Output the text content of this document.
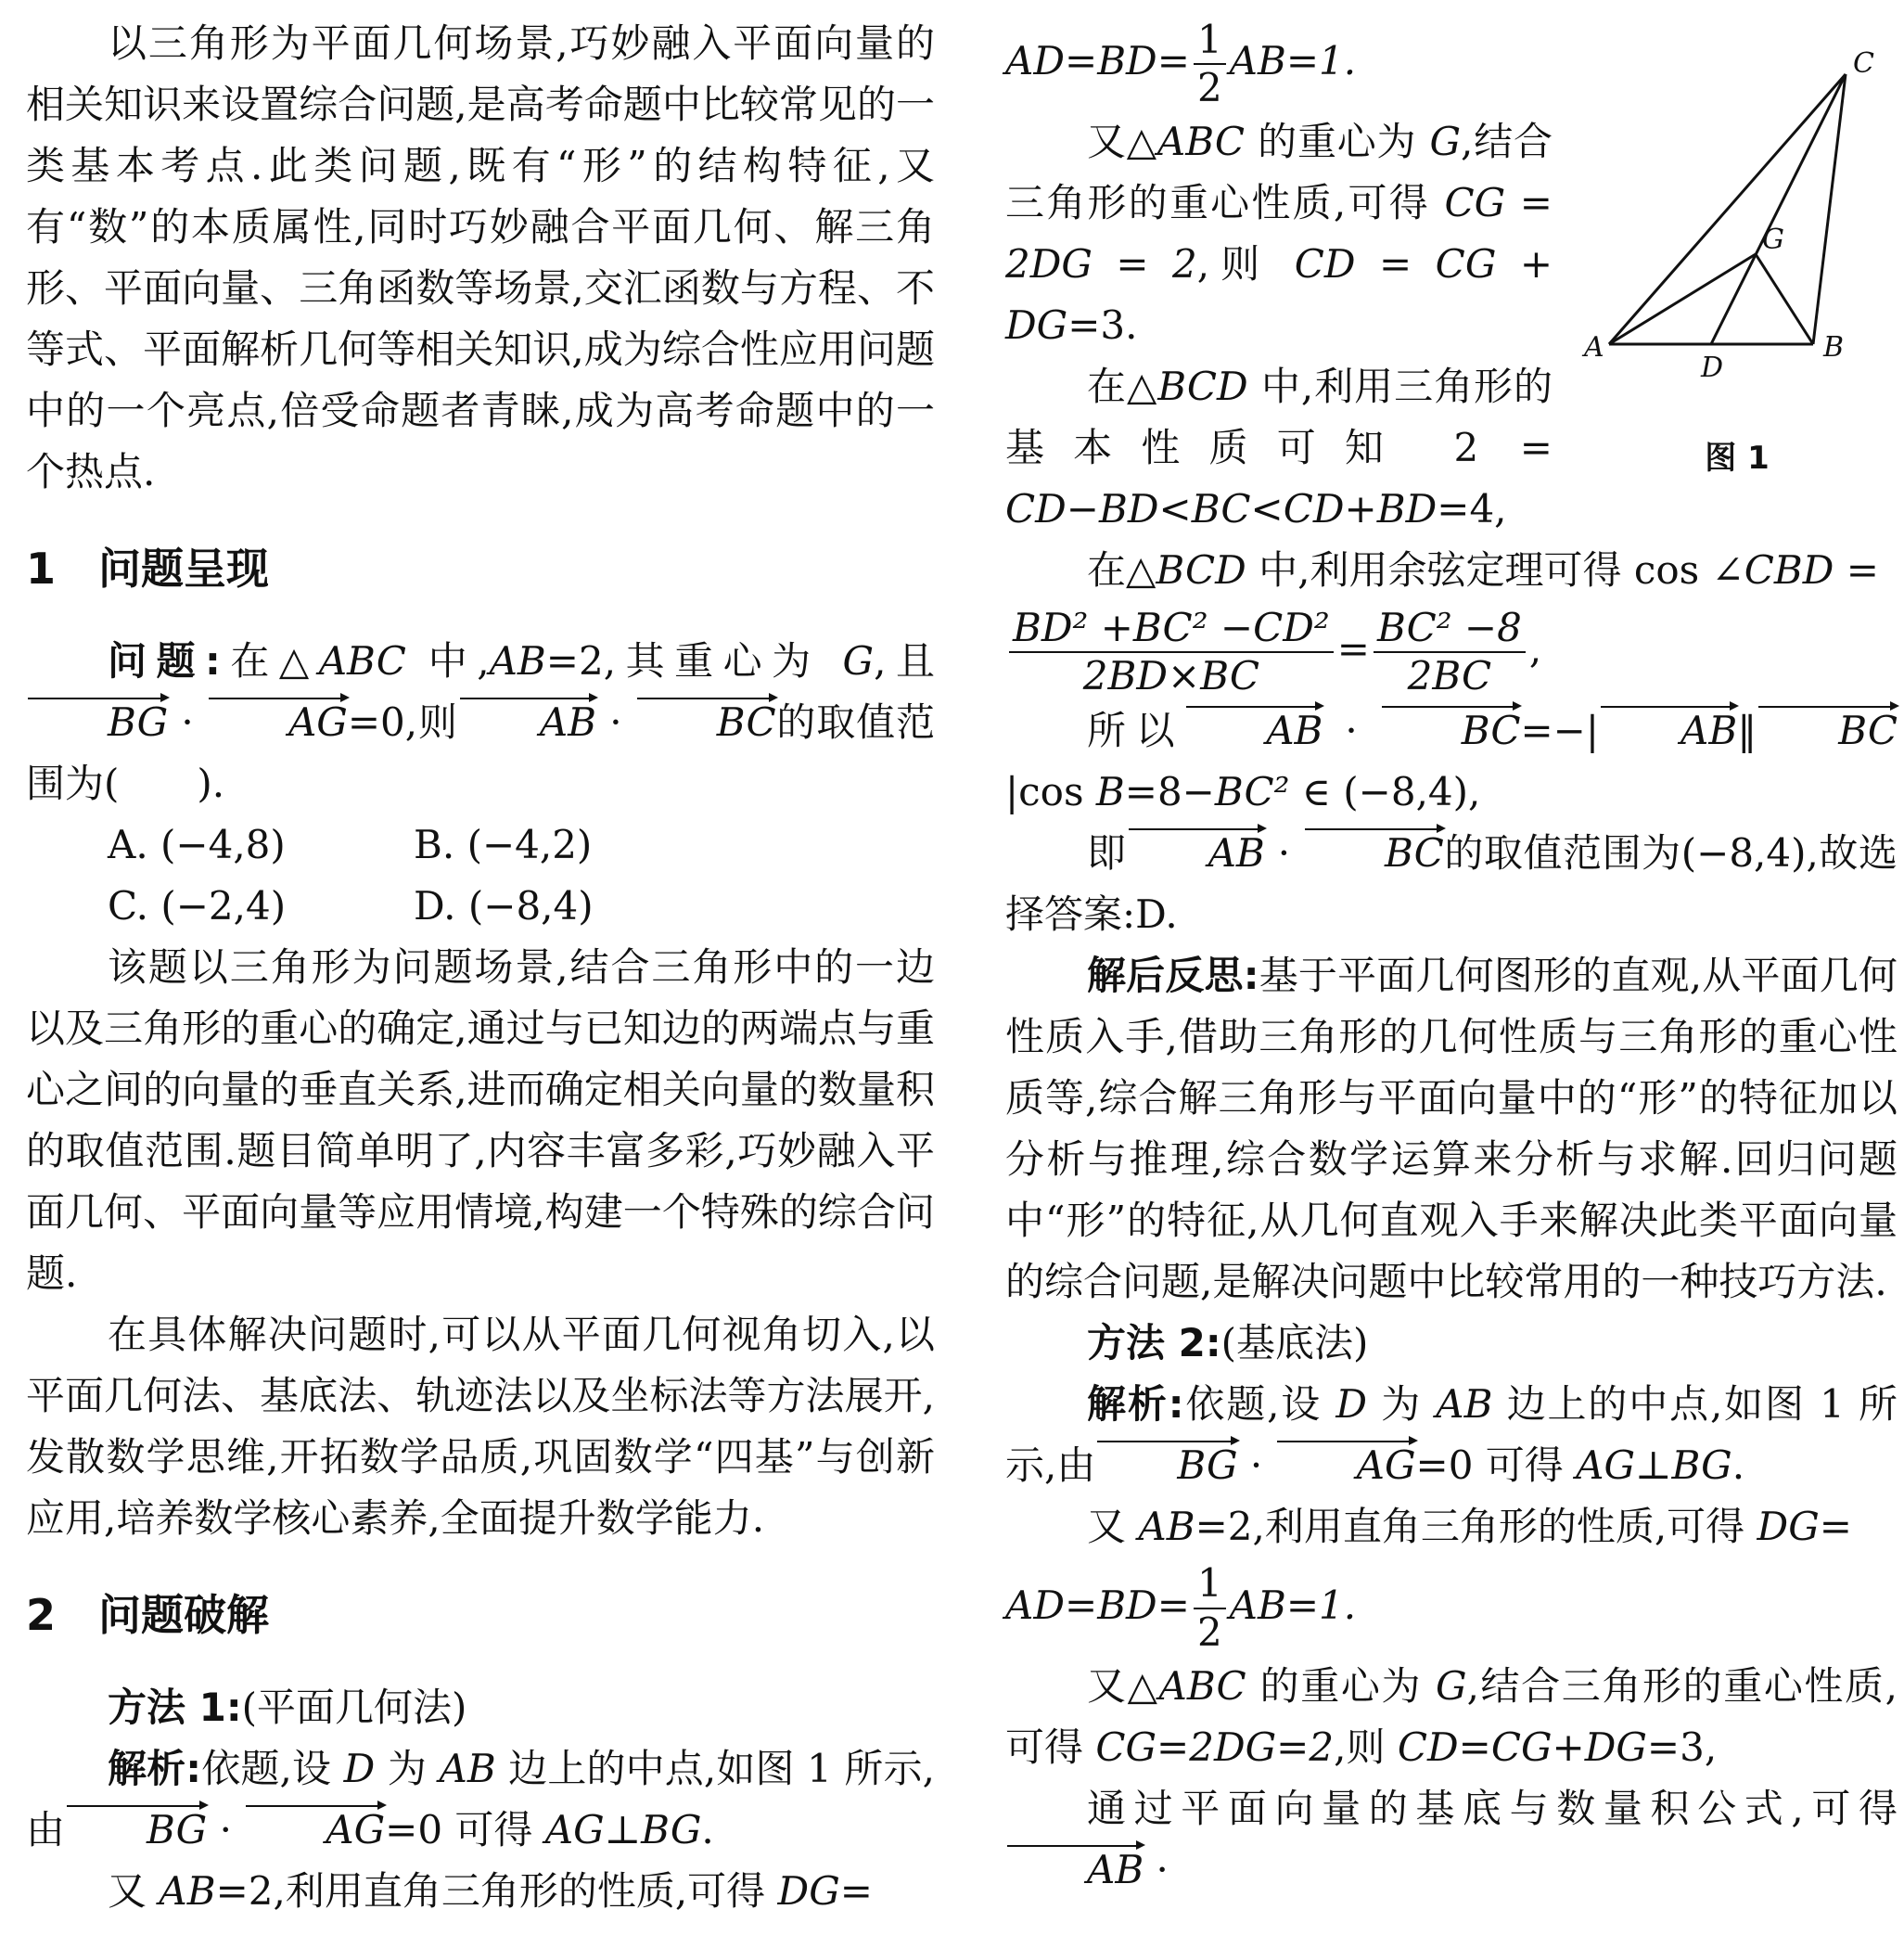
以三角形为平面几何场景,巧妙融入平面向量的相关知识来设置综合问题,是高考命题中比较常见的一类基本考点.此类问题,既有“形”的结构特征,又有“数”的本质属性,同时巧妙融合平面几何、解三角形、平面向量、三角函数等场景,交汇函数与方程、不等式、平面解析几何等相关知识,成为综合性应用问题中的一个亮点,倍受命题者青睐,成为高考命题中的一个热点.

1 问题呈现

问题:在△ABC 中,AB=2,其重心为 G,且BG · AG=0,则 AB · BC的取值范围为(　　).

A. (−4,8)	B. (−4,2)

C. (−2,4)	D. (−8,4)

该题以三角形为问题场景,结合三角形中的一边以及三角形的重心的确定,通过与已知边的两端点与重心之间的向量的垂直关系,进而确定相关向量的数量积的取值范围.题目简单明了,内容丰富多彩,巧妙融入平面几何、平面向量等应用情境,构建一个特殊的综合问题.

在具体解决问题时,可以从平面几何视角切入,以平面几何法、基底法、轨迹法以及坐标法等方法展开,发散数学思维,开拓数学品质,巩固数学“四基”与创新应用,培养数学核心素养,全面提升数学能力.

2 问题破解

方法 1:(平面几何法)

解析:依题,设 D 为 AB 边上的中点,如图 1 所示,由 BG · AG=0 可得 AG⊥BG.

又 AB=2,利用直角三角形的性质,可得 DG=

$AD=BD= \frac{1}{2} AB=1$.

又△ABC 的重心为 G,结合三角形的重心性质,可得 CG = 2DG = 2,则 CD = CG + DG=3.

在△BCD 中,利用三角形的基本性质可知 2 = CD−BD<BC<CD+BD=4,

在△BCD 中,利用余弦定理可得 cos ∠CBD =

$\frac{\text{BD² +BC² −CD²}}{2BD\times BC} = \frac{\text{BC² −8}}{2BC}$ ,

所以 AB · BC=−| AB‖ BC|cos B=8−BC² ∈ (−8,4),

即 AB · BC的取值范围为(−8,4),故选择答案:D.

解后反思:基于平面几何图形的直观,从平面几何性质入手,借助三角形的几何性质与三角形的重心性质等,综合解三角形与平面向量中的“形”的特征加以分析与推理,综合数学运算来分析与求解.回归问题中“形”的特征,从几何直观入手来解决此类平面向量的综合问题,是解决问题中比较常用的一种技巧方法.

方法 2:(基底法)

解析:依题,设 D 为 AB 边上的中点,如图 1 所示,由 BG · AG=0 可得 AG⊥BG.

又 AB=2,利用直角三角形的性质,可得 DG=

$AD=BD= \frac{1}{2} AB=1$.

又△ABC 的重心为 G,结合三角形的重心性质,可得 CG=2DG=2,则 CD=CG+DG=3,

通过平面向量的基底与数量积公式,可得AB ·

A	B
C
D
G
图 1
